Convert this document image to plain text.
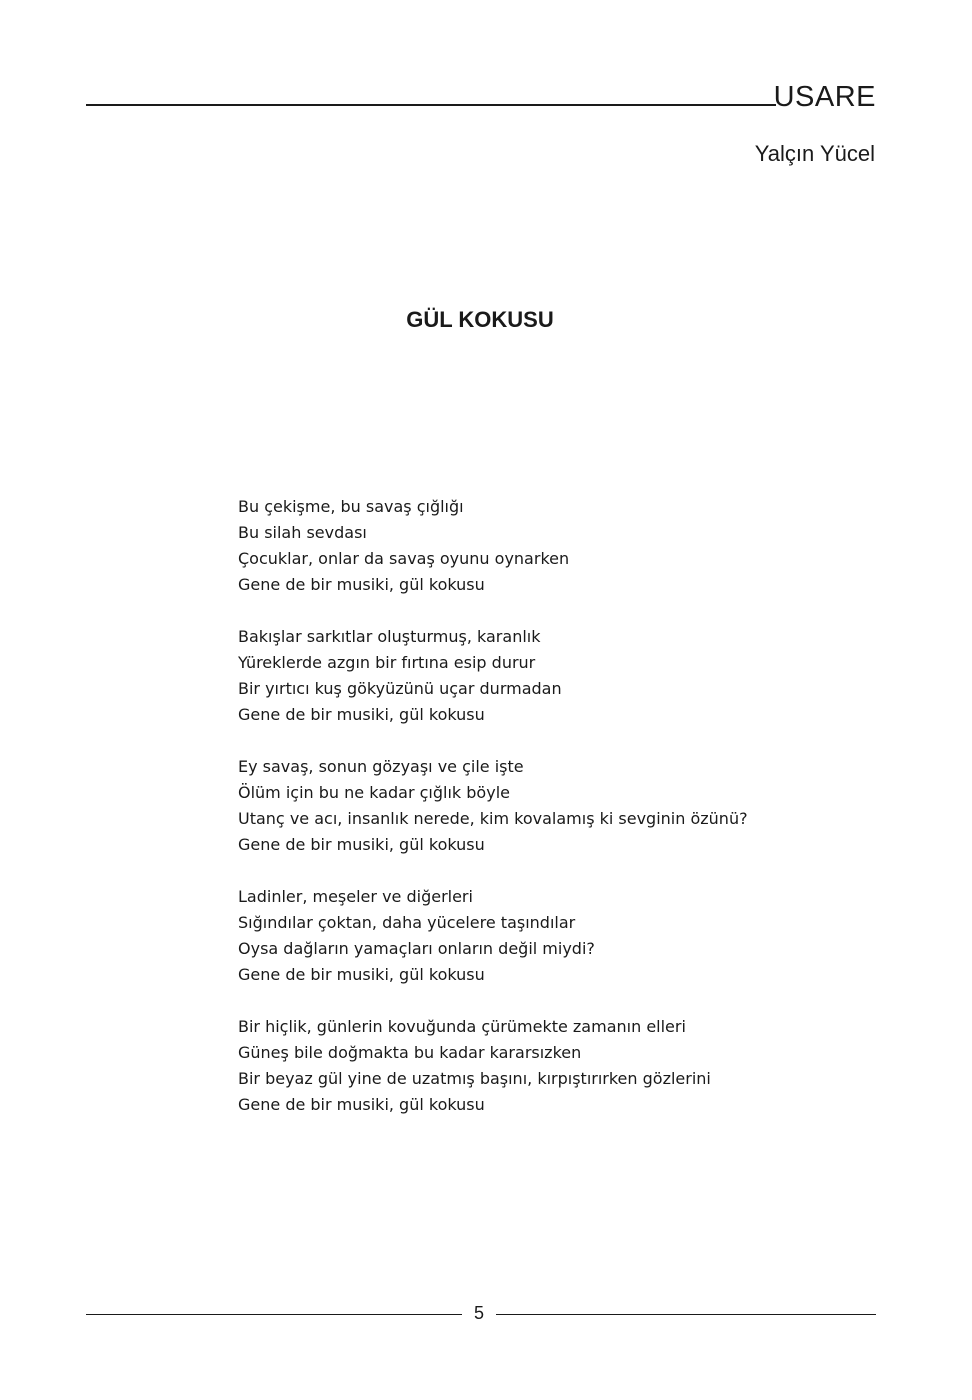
USARE
Yalçın Yücel
GÜL KOKUSU
Bu çekişme, bu savaş çığlığı
Bu silah sevdası
Çocuklar, onlar da savaş oyunu oynarken
Gene de bir musiki, gül kokusu
Bakışlar sarkıtlar oluşturmuş, karanlık
Yüreklerde azgın bir fırtına esip durur
Bir yırtıcı kuş gökyüzünü uçar durmadan
Gene de bir musiki, gül kokusu
Ey savaş, sonun gözyaşı ve çile işte
Ölüm için bu ne kadar çığlık böyle
Utanç ve acı, insanlık nerede, kim kovalamış ki sevginin özünü?
Gene de bir musiki, gül kokusu
Ladinler, meşeler ve diğerleri
Sığındılar çoktan, daha yücelere taşındılar
Oysa dağların yamaçları onların değil miydi?
Gene de bir musiki, gül kokusu
Bir hiçlik, günlerin kovuğunda çürümekte zamanın elleri
Güneş bile doğmakta bu kadar kararsızken
Bir beyaz gül yine de uzatmış başını, kırpıştırırken gözlerini
Gene de bir musiki, gül kokusu
5
